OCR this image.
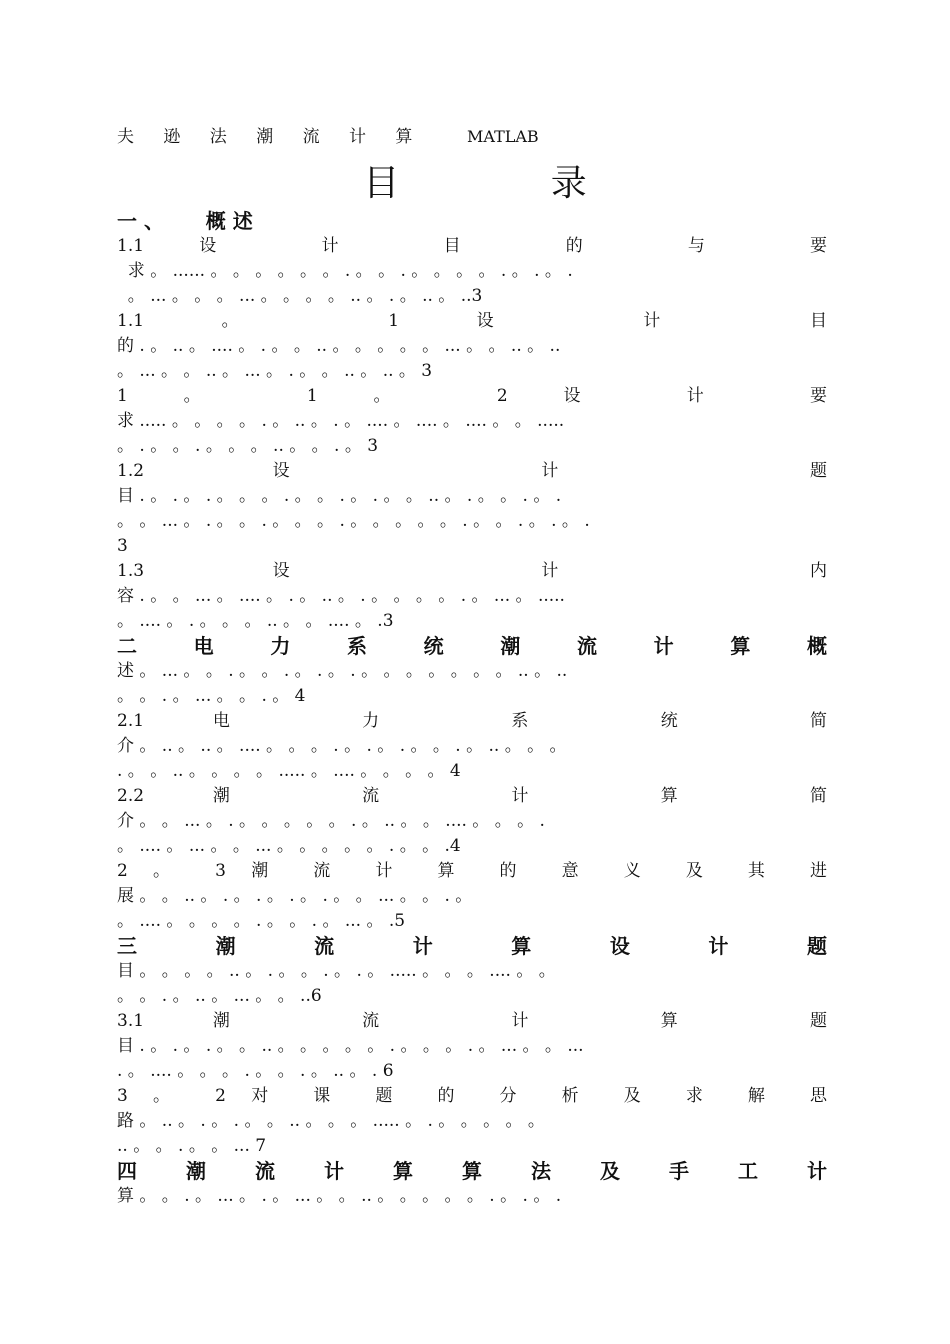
夫 逊 法 潮 流 计 算	MATLAB
目 录
一 、      概 述
1.1 设 计 目 的 与 要
求 。 ...... 。 。 。 。 。 。 . 。 。 . 。 。 。 。 . 。 . 。 .
。 ... 。 。 。 ... 。 。 。 。 .. 。 . 。 .. 。 ..3
1.1 。 1 设 计 目
的 . 。 .. 。 .... 。 . 。 。 .. 。 。 。 。 。 ... 。 。 .. 。 ..
。 ... 。 。 .. 。 ... 。 . 。 。 .. 。 .. 。 3
1 。 1 。 2 设 计 要
求 ..... 。 。 。 。 . 。 .. 。 . 。 .... 。 .... 。 .... 。 。 .....
。 . 。 。 . 。 。 。 .. 。 。 . 。 3
1.2 设 计 题
目 . 。 . 。 . 。 。 。 . 。 。 . 。 . 。 。 .. 。 . 。 。 . 。 .
。 。 ... 。 . 。 。 . 。 。 。 . 。 。 。 。 。 . 。 。 . 。 . 。 .
3
1.3 设 计 内
容 . 。 。 ... 。 .... 。 . 。 .. 。 . 。 。 。 。 . 。 ... 。 .....
。 .... 。 . 。 。 。 .. 。 。 .... 。 .3
二 电 力 系 统 潮 流 计 算 概
述 。 ... 。 。 . 。 。 . 。 . 。 . 。 。 。 。 。 。 。 .. 。 ..
。 。 . 。 ... 。 。 . 。 4
2.1 电 力 系 统 简
介 。 .. 。 .. 。 .... 。 。 。 . 。 . 。 . 。 。 . 。 .. 。 。 。
. 。 。 .. 。 。 。 。 ..... 。 .... 。 。 。 。 4
2.2 潮 流 计 算 简
介 。 。 ... 。 . 。 。 。 。 。 . 。 .. 。 。 .... 。 。 。 .
。 .... 。 ... 。 。 ... 。 。 。 。 。 . 。 。 .4
2 。 3 潮 流 计 算 的 意 义 及 其 进
展 。 。 .. 。 . 。 . 。 . 。 . 。 。 ... 。 。 . 。
。 .... 。 。 。 。 . 。 。 . 。 ... 。 .5
三 潮 流 计 算 设 计 题
目 。 。 。 。 .. 。 . 。 。 . 。 . 。 ..... 。 。 。 .... 。 。
。 。 . 。 .. 。 ... 。 。 ..6
3.1 潮 流 计 算 题
目 . 。 . 。 . 。 。 .. 。 。 。 。 。 . 。 。 。 . 。 ... 。 。 ...
. 。 .... 。 。 。 . 。 。 . 。 .. 。 . 6
3 。 2 对 课 题 的 分 析 及 求 解 思
路 。 .. 。 . 。 . 。 。 .. 。 。 。 ..... 。 . 。 。 。 。 。
.. 。 。 . 。 。 ... 7
四 潮 流 计 算 算 法 及 手 工 计
算 。 。 . 。 ... 。 . 。 ... 。 。 .. 。 。 。 。 。 . 。 . 。 .
